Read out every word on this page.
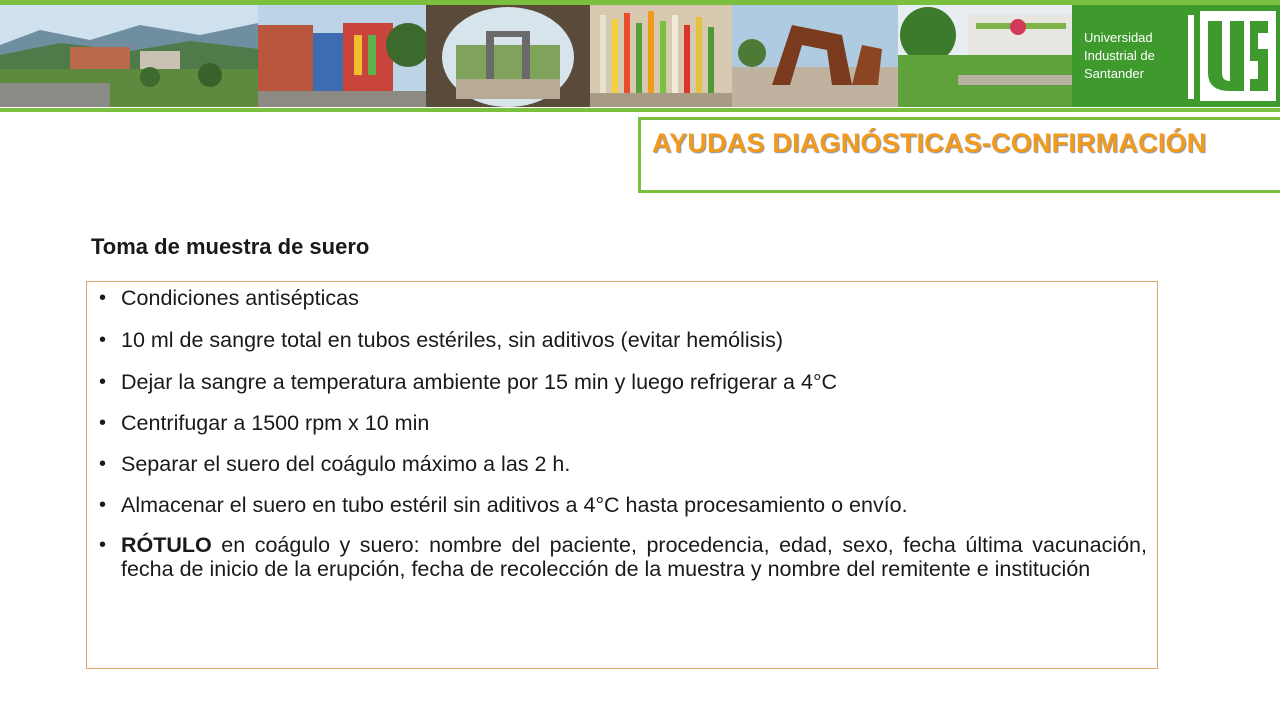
Universidad
Industrial de
Santander
AYUDAS DIAGNÓSTICAS-CONFIRMACIÓN
Toma de muestra de suero
• Condiciones antisépticas
• 10 ml de sangre total en tubos estériles, sin aditivos (evitar hemólisis)
• Dejar la sangre a temperatura ambiente por 15 min y luego refrigerar a 4°C
• Centrifugar a 1500 rpm x 10 min
• Separar el suero del coágulo máximo a las 2 h.
• Almacenar el suero en tubo estéril sin aditivos a 4°C hasta procesamiento o envío.
• RÓTULO en coágulo y suero: nombre del paciente, procedencia, edad, sexo, fecha última vacunación, fecha de inicio de la erupción, fecha de recolección de la muestra y nombre del remitente e institución
